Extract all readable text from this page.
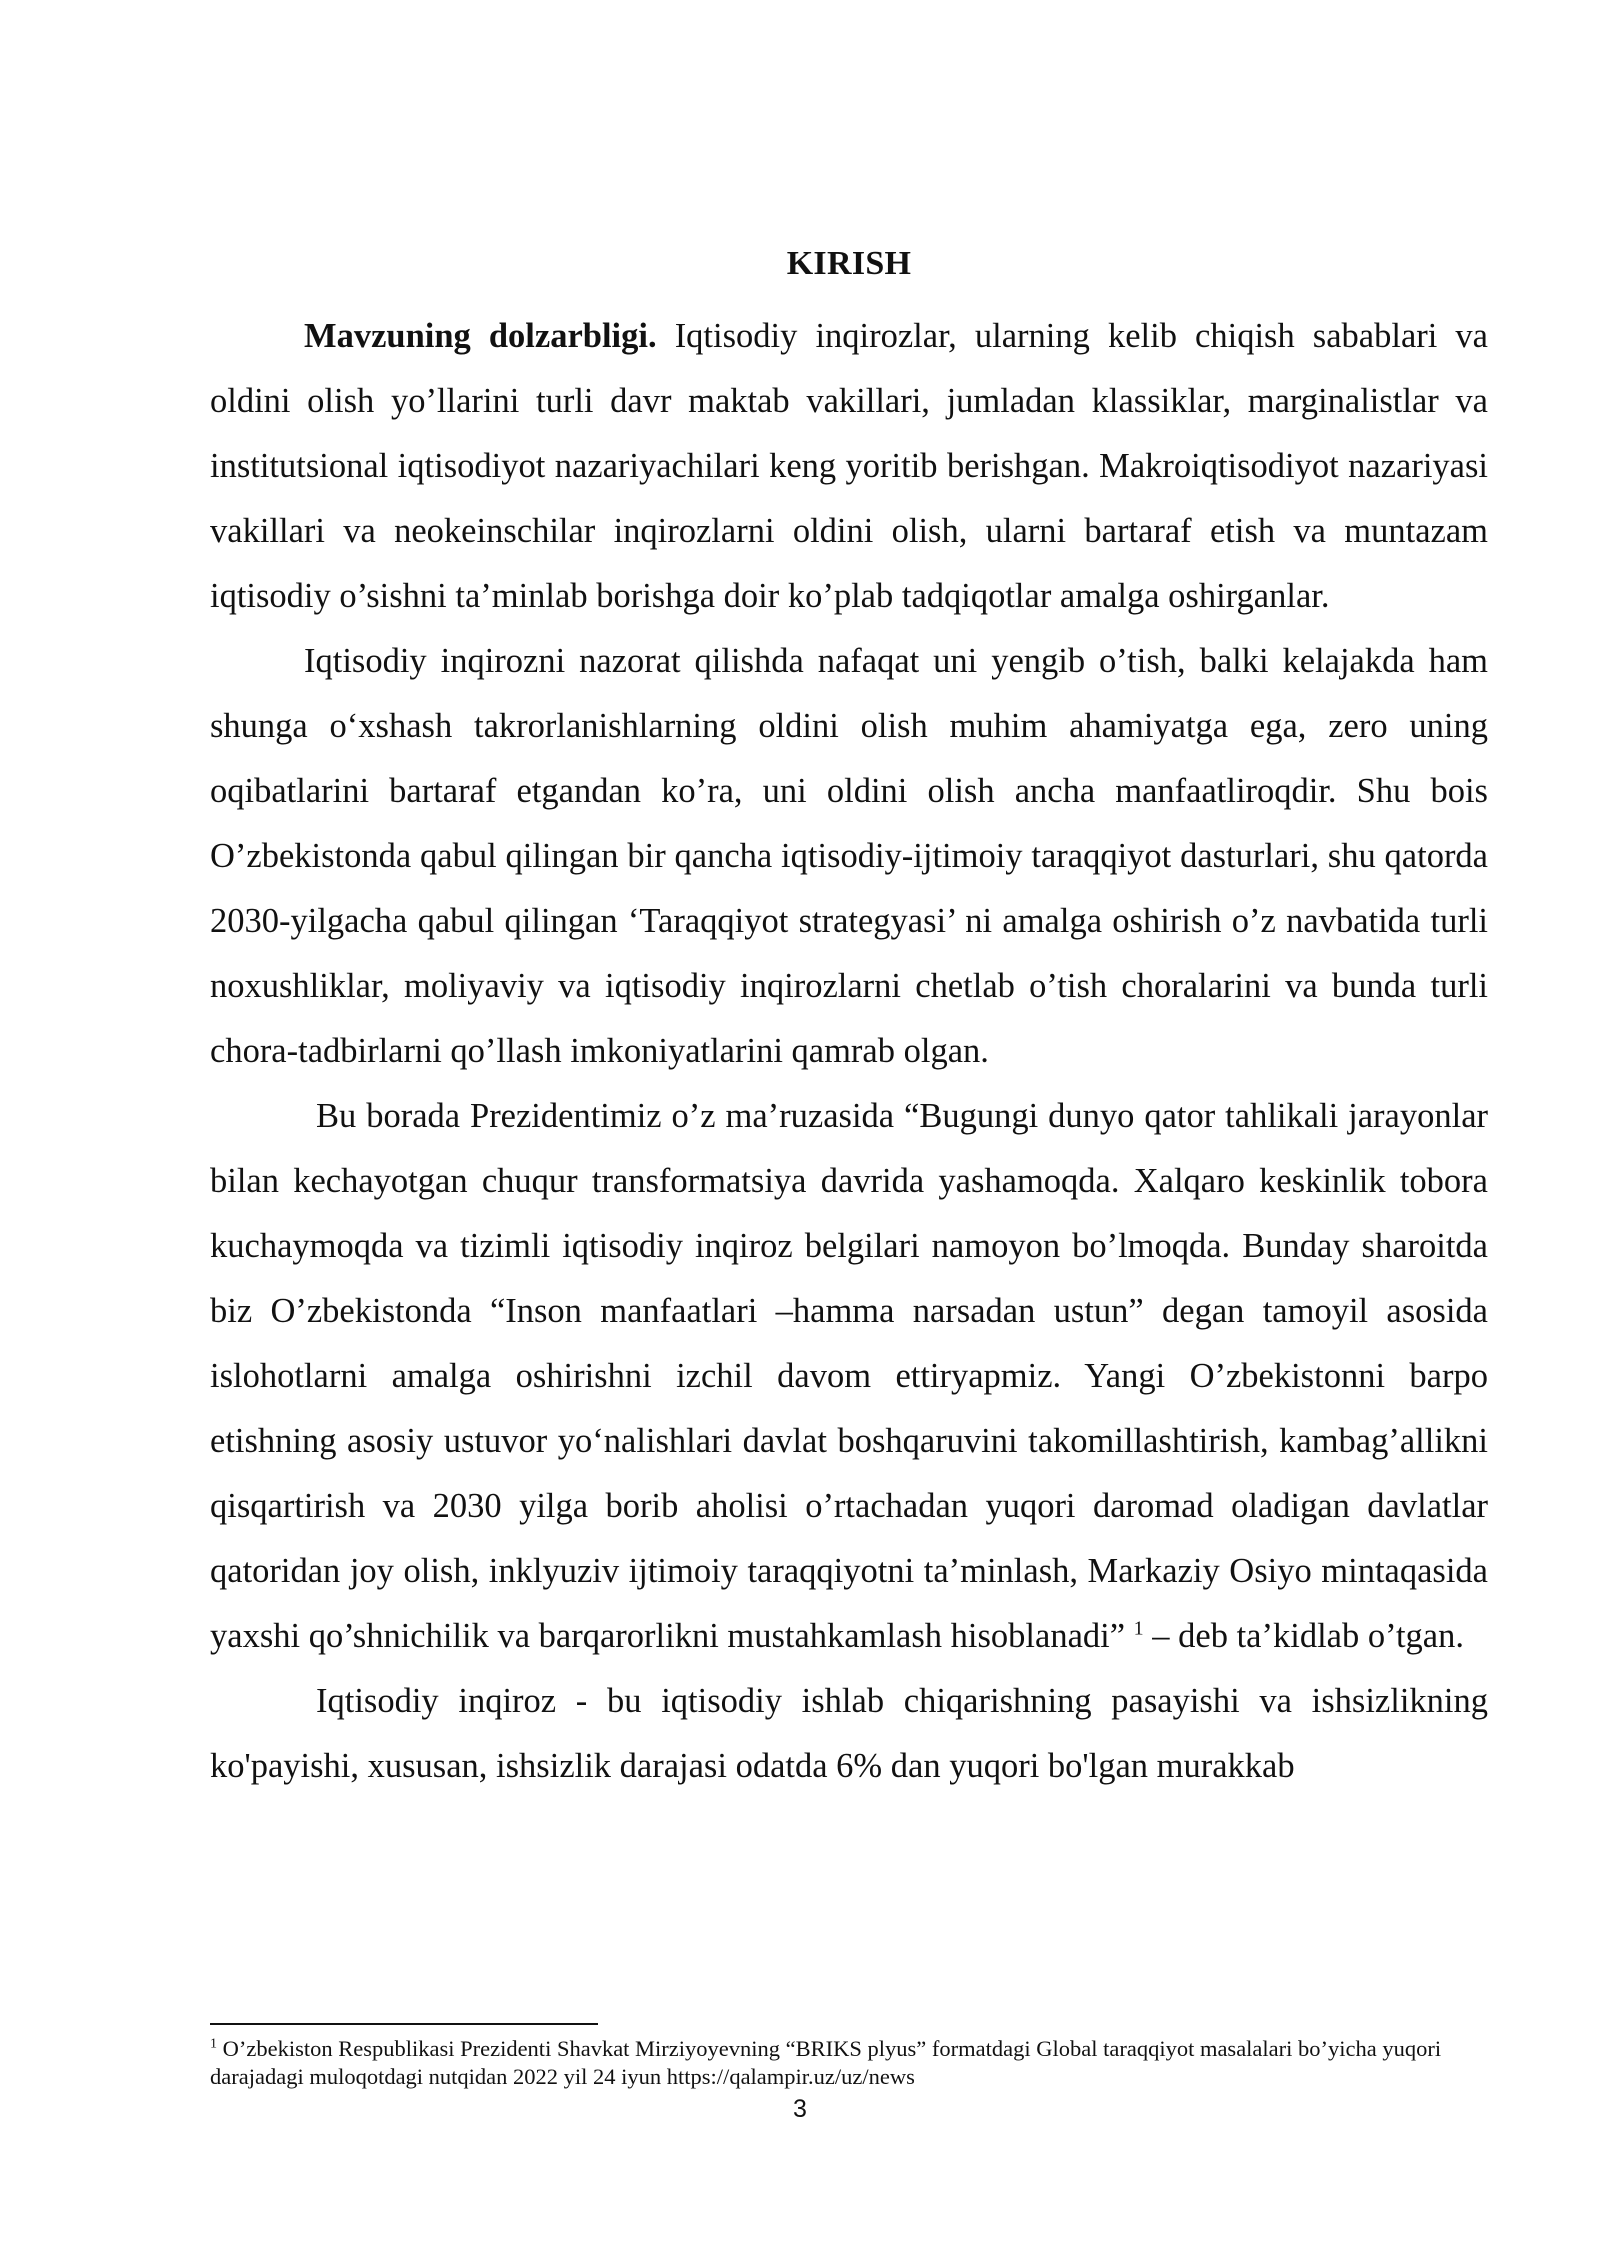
KIRISH

Mavzuning dolzarbligi. Iqtisodiy inqirozlar, ularning kelib chiqish sabablari va oldini olish yo’llarini turli davr maktab vakillari, jumladan klassiklar, marginalistlar va institutsional iqtisodiyot nazariyachilari keng yoritib berishgan. Makroiqtisodiyot nazariyasi vakillari va neokeinschilar inqirozlarni oldini olish, ularni bartaraf etish va muntazam iqtisodiy o’sishni ta’minlab borishga doir ko’plab tadqiqotlar amalga oshirganlar.

Iqtisodiy inqirozni nazorat qilishda nafaqat uni yengib o’tish, balki kelajakda ham shunga oʻxshash takrorlanishlarning oldini olish muhim ahamiyatga ega, zero uning oqibatlarini bartaraf etgandan ko’ra, uni oldini olish ancha manfaatliroqdir. Shu bois O’zbekistonda qabul qilingan bir qancha iqtisodiy-ijtimoiy taraqqiyot dasturlari, shu qatorda 2030-yilgacha qabul qilingan ‘Taraqqiyot strategyasi’ ni amalga oshirish o’z navbatida turli noxushliklar, moliyaviy va iqtisodiy inqirozlarni chetlab o’tish choralarini va bunda turli chora-tadbirlarni qo’llash imkoniyatlarini qamrab olgan.

Bu borada Prezidentimiz o’z ma’ruzasida “Bugungi dunyo qator tahlikali jarayonlar bilan kechayotgan chuqur transformatsiya davrida yashamoqda. Xalqaro keskinlik tobora kuchaymoqda va tizimli iqtisodiy inqiroz belgilari namoyon bo’lmoqda. Bunday sharoitda biz O’zbekistonda “Inson manfaatlari –hamma narsadan ustun” degan tamoyil asosida islohotlarni amalga oshirishni izchil davom ettiryapmiz. Yangi O’zbekistonni barpo etishning asosiy ustuvor yoʻnalishlari davlat boshqaruvini takomillashtirish, kambag’allikni qisqartirish va 2030 yilga borib aholisi o’rtachadan yuqori daromad oladigan davlatlar qatoridan joy olish, inklyuziv ijtimoiy taraqqiyotni ta’minlash, Markaziy Osiyo mintaqasida yaxshi qo’shnichilik va barqarorlikni mustahkamlash hisoblanadi” $^1$ – deb ta’kidlab o’tgan.

Iqtisodiy inqiroz - bu iqtisodiy ishlab chiqarishning pasayishi va ishsizlikning ko'payishi, xususan, ishsizlik darajasi odatda 6% dan yuqori bo'lgan murakkab

$^1$ O’zbekiston Respublikasi Prezidenti Shavkat Mirziyoyevning “BRIKS plyus” formatdagi Global taraqqiyot masalalari bo’yicha yuqori darajadagi muloqotdagi nutqidan 2022 yil 24 iyun https://qalampir.uz/uz/news

3
